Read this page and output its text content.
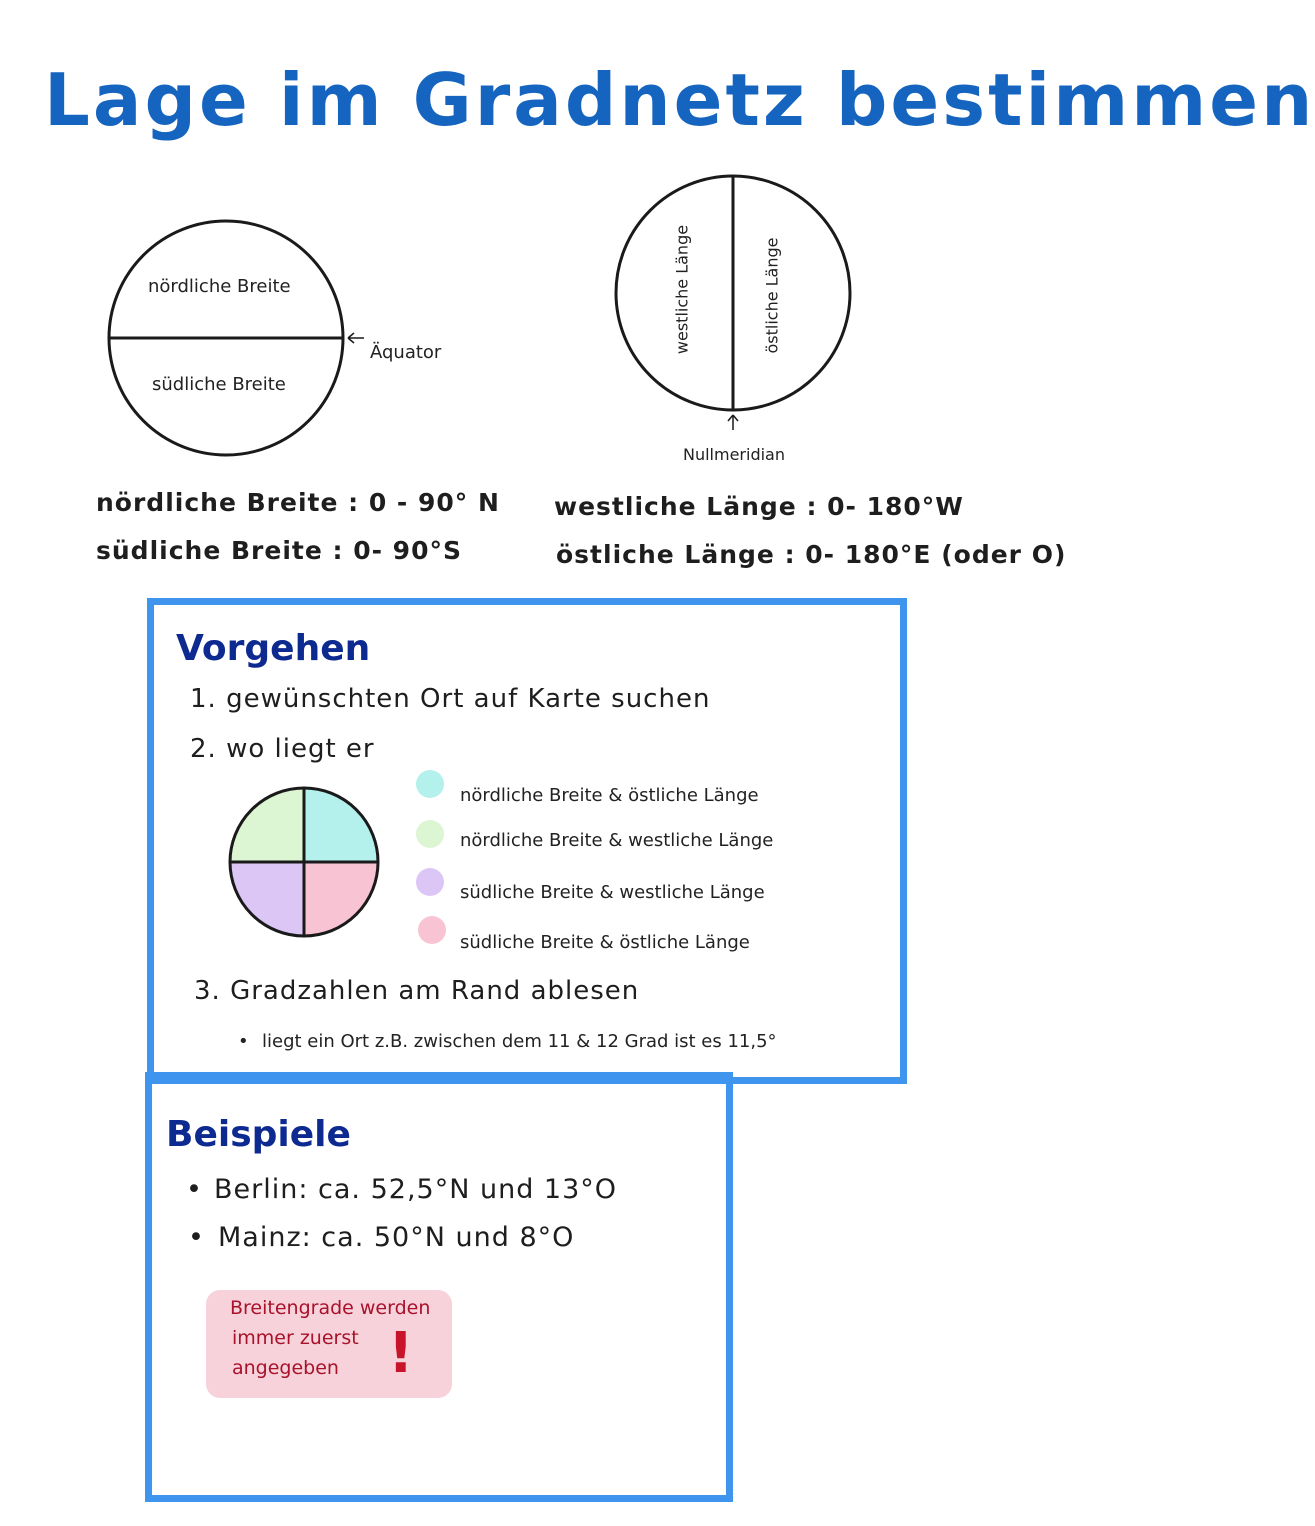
Lage im Gradnetz bestimmen
nördliche Breite
südliche Breite
Äquator	westliche Länge	östliche Länge
Nullmeridian
nördliche Breite : 0 - 90° N
südliche Breite : 0- 90°S
westliche Länge : 0- 180°W
östliche Länge : 0- 180°E (oder O)
Vorgehen
1. gewünschten Ort auf Karte suchen
2. wo liegt er
nördliche Breite & östliche Länge
nördliche Breite & westliche Länge
südliche Breite & westliche Länge
südliche Breite & östliche Länge
3. Gradzahlen am Rand ablesen
• liegt ein Ort z.B. zwischen dem 11 & 12 Grad ist es 11,5°
Beispiele
• Berlin: ca. 52,5°N und 13°O
• Mainz: ca. 50°N und 8°O
Breitengrade werden
immer zuerst
angegeben !
